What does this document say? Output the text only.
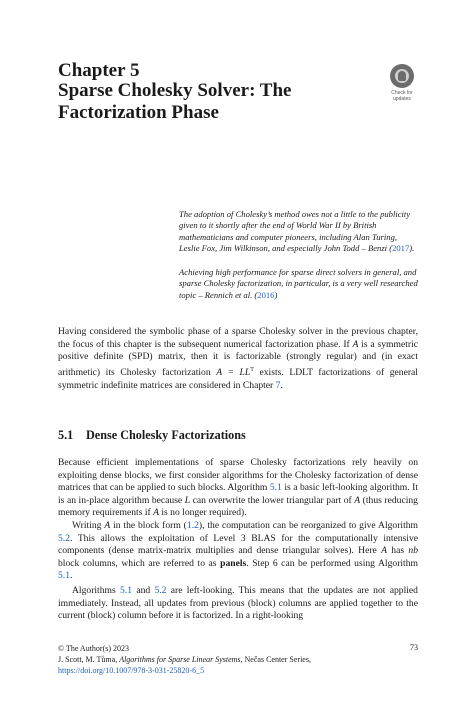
Chapter 5
Sparse Cholesky Solver: The Factorization Phase
Check for
updates
The adoption of Cholesky’s method owes not a little to the publicity given to it shortly after the end of World War II by British mathematicians and computer pioneers, including Alan Turing, Leslie Fox, Jim Wilkinson, and especially John Todd – Benzi (2017).
Achieving high performance for sparse direct solvers in general, and sparse Cholesky factorization, in particular, is a very well researched topic – Rennich et al. (2016)
Having considered the symbolic phase of a sparse Cholesky solver in the previous chapter, the focus of this chapter is the subsequent numerical factorization phase. If A is a symmetric positive definite (SPD) matrix, then it is factorizable (strongly regular) and (in exact arithmetic) its Cholesky factorization $A = LL^T$ exists. LDLT factorizations of general symmetric indefinite matrices are considered in Chapter 7.
5.1 Dense Cholesky Factorizations
Because efficient implementations of sparse Cholesky factorizations rely heavily on exploiting dense blocks, we first consider algorithms for the Cholesky factorization of dense matrices that can be applied to such blocks. Algorithm 5.1 is a basic left-looking algorithm. It is an in-place algorithm because L can overwrite the lower triangular part of A (thus reducing memory requirements if A is no longer required).
Writing A in the block form (1.2), the computation can be reorganized to give Algorithm 5.2. This allows the exploitation of Level 3 BLAS for the computationally intensive components (dense matrix-matrix multiplies and dense triangular solves). Here A has nb block columns, which are referred to as panels. Step 6 can be performed using Algorithm 5.1.
Algorithms 5.1 and 5.2 are left-looking. This means that the updates are not applied immediately. Instead, all updates from previous (block) columns are applied together to the current (block) column before it is factorized. In a right-looking
© The Author(s) 2023	73
J. Scott, M. Tůma, Algorithms for Sparse Linear Systems, Nečas Center Series,
https://doi.org/10.1007/978-3-031-25820-6_5
